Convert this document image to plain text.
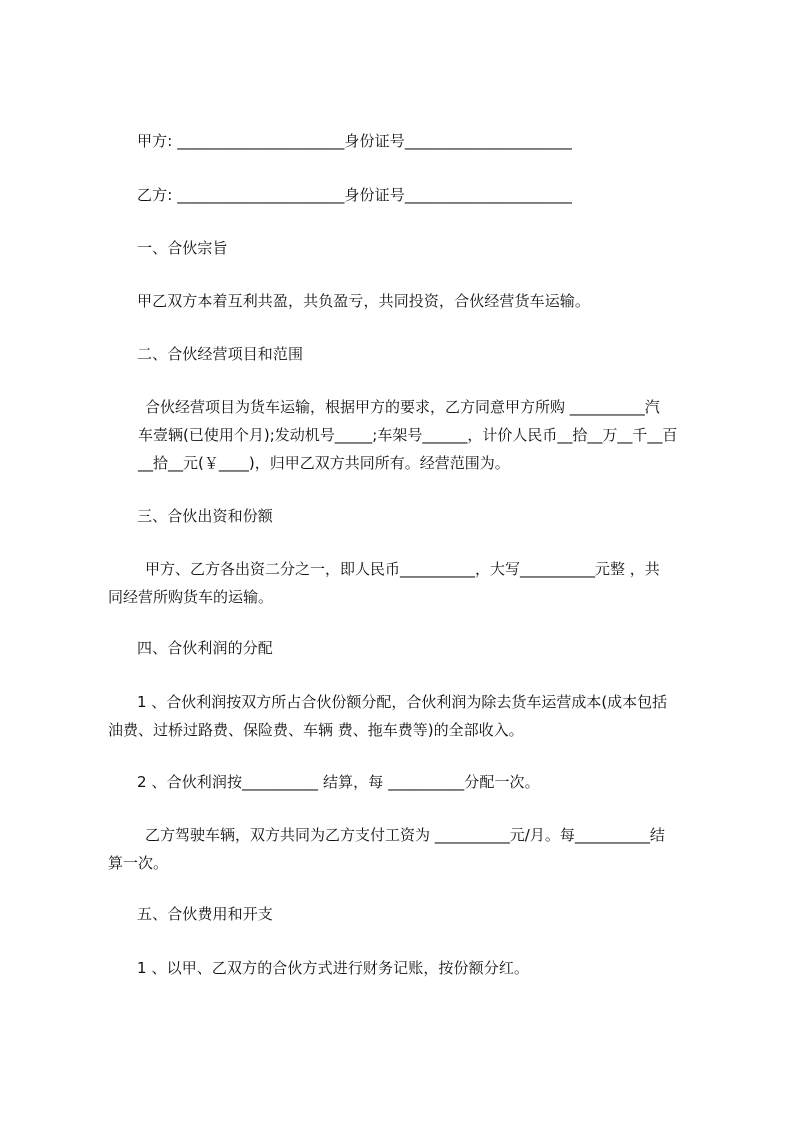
甲方: ______________________身份证号______________________

乙方: ______________________身份证号______________________

一、合伙宗旨

甲乙双方本着互利共盈，共负盈亏，共同投资，合伙经营货车运输。

二、合伙经营项目和范围

合伙经营项目为货车运输，根据甲方的要求，乙方同意甲方所购 __________汽
车壹辆(已使用个月);发动机号_____;车架号______，计价人民币__拾__万__千__百
__拾__元(￥____)，归甲乙双方共同所有。经营范围为。

三、合伙出资和份额

甲方、乙方各出资二分之一，即人民币__________，大写__________元整 ，共
同经营所购货车的运输。

四、合伙利润的分配

1 、合伙利润按双方所占合伙份额分配，合伙利润为除去货车运营成本(成本包括
油费、过桥过路费、保险费、车辆 费、拖车费等)的全部收入。

2 、合伙利润按__________ 结算，每 __________分配一次。

乙方驾驶车辆，双方共同为乙方支付工资为 __________元/月。每__________结
算一次。

五、合伙费用和开支

1 、以甲、乙双方的合伙方式进行财务记账，按份额分红。
